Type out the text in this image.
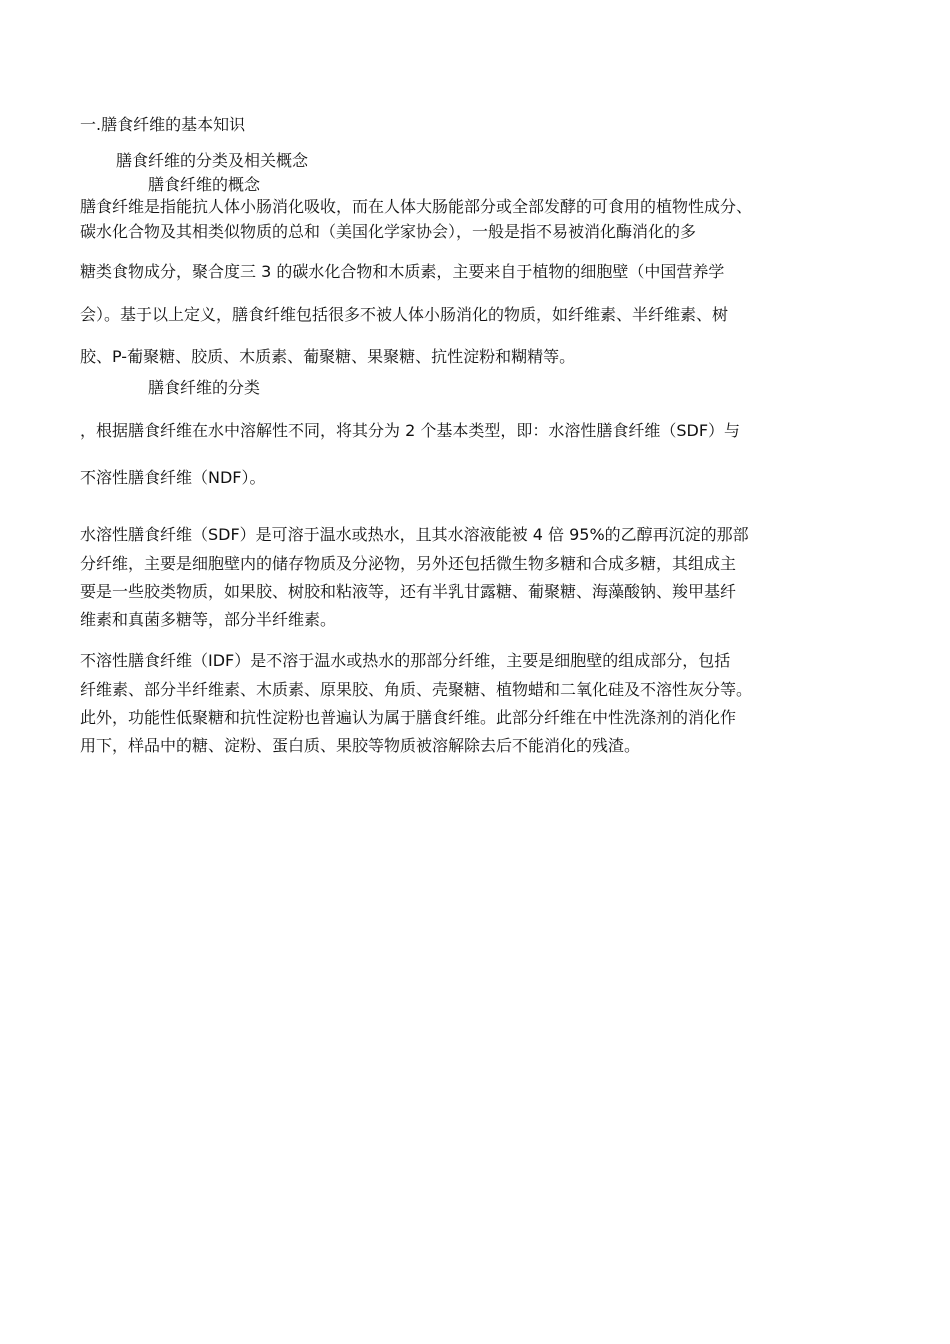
一.膳食纤维的基本知识
膳食纤维的分类及相关概念
膳食纤维的概念
膳食纤维是指能抗人体小肠消化吸收，而在人体大肠能部分或全部发酵的可食用的植物性成分、
碳水化合物及其相类似物质的总和（美国化学家协会），一般是指不易被消化酶消化的多
糖类食物成分，聚合度三 3 的碳水化合物和木质素，主要来自于植物的细胞壁（中国营养学
会）。基于以上定义，膳食纤维包括很多不被人体小肠消化的物质，如纤维素、半纤维素、树
胶、P-葡聚糖、胶质、木质素、葡聚糖、果聚糖、抗性淀粉和糊精等。
膳食纤维的分类
，根据膳食纤维在水中溶解性不同，将其分为 2 个基本类型，即：水溶性膳食纤维（SDF）与
不溶性膳食纤维（NDF）。
水溶性膳食纤维（SDF）是可溶于温水或热水，且其水溶液能被 4 倍 95%的乙醇再沉淀的那部
分纤维，主要是细胞壁内的储存物质及分泌物，另外还包括微生物多糖和合成多糖，其组成主
要是一些胶类物质，如果胶、树胶和粘液等，还有半乳甘露糖、葡聚糖、海藻酸钠、羧甲基纤
维素和真菌多糖等，部分半纤维素。
不溶性膳食纤维（IDF）是不溶于温水或热水的那部分纤维，主要是细胞壁的组成部分，包括
纤维素、部分半纤维素、木质素、原果胶、角质、壳聚糖、植物蜡和二氧化硅及不溶性灰分等。
此外，功能性低聚糖和抗性淀粉也普遍认为属于膳食纤维。此部分纤维在中性洗涤剂的消化作
用下，样品中的糖、淀粉、蛋白质、果胶等物质被溶解除去后不能消化的残渣。
